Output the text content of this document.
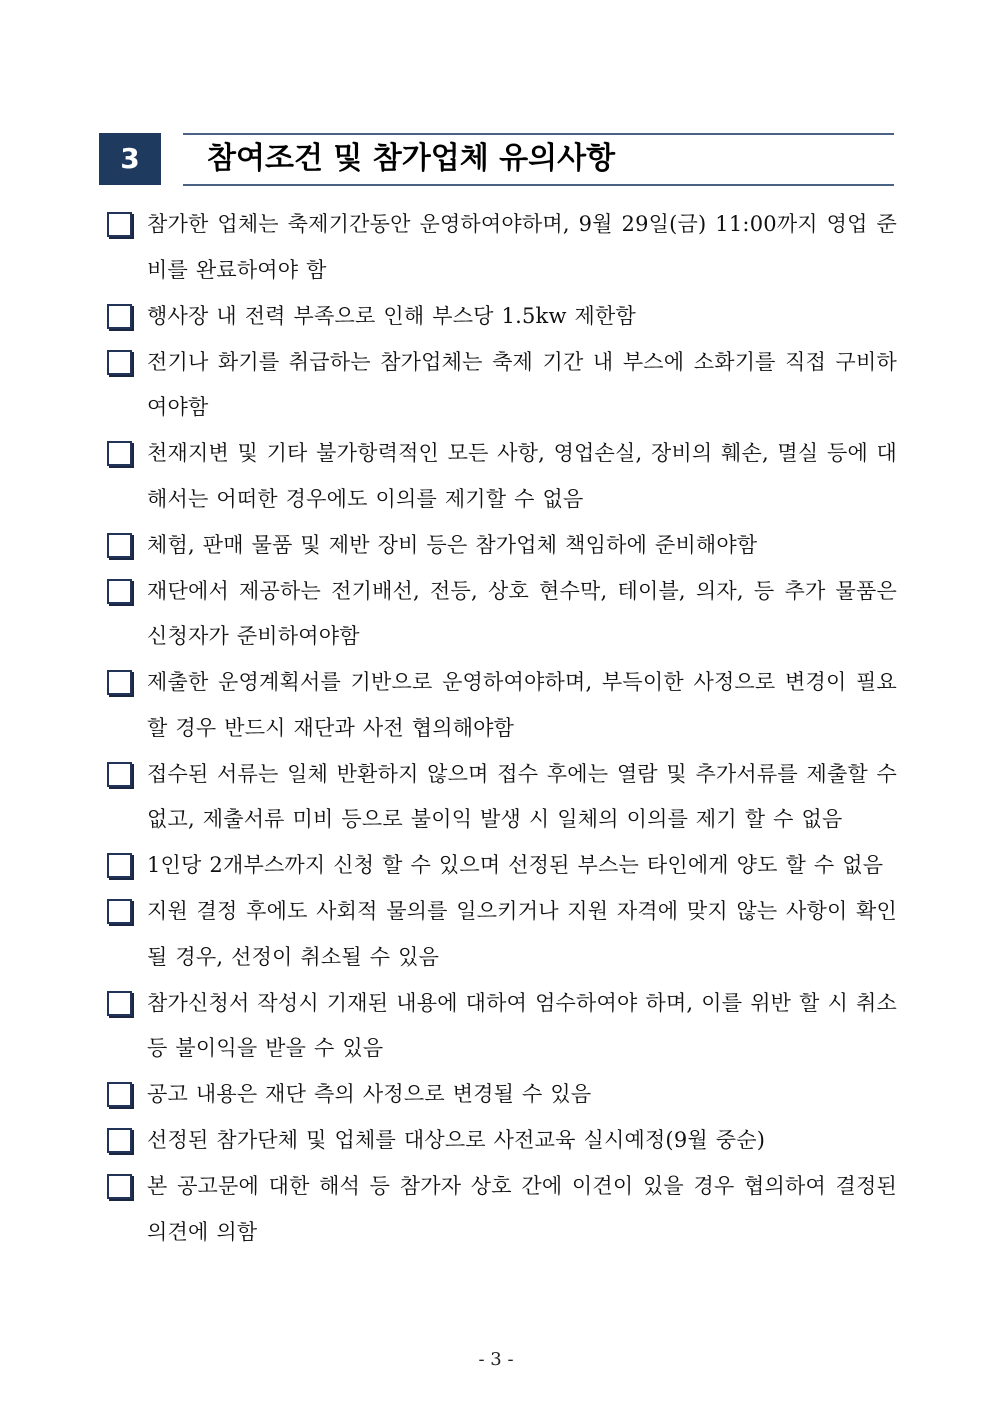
3	참여조건 및 참가업체 유의사항
참가한 업체는 축제기간동안 운영하여야하며, 9월 29일(금) 11:00까지 영업 준비를 완료하여야 함
행사장 내 전력 부족으로 인해 부스당 1.5kw 제한함
전기나 화기를 취급하는 참가업체는 축제 기간 내 부스에 소화기를 직접 구비하여야함
천재지변 및 기타 불가항력적인 모든 사항, 영업손실, 장비의 훼손, 멸실 등에 대해서는 어떠한 경우에도 이의를 제기할 수 없음
체험, 판매 물품 및 제반 장비 등은 참가업체 책임하에 준비해야함
재단에서 제공하는 전기배선, 전등, 상호 현수막, 테이블, 의자, 등 추가 물품은 신청자가 준비하여야함
제출한 운영계획서를 기반으로 운영하여야하며, 부득이한 사정으로 변경이 필요할 경우 반드시 재단과 사전 협의해야함
접수된 서류는 일체 반환하지 않으며 접수 후에는 열람 및 추가서류를 제출할 수 없고, 제출서류 미비 등으로 불이익 발생 시 일체의 이의를 제기 할 수 없음
1인당 2개부스까지 신청 할 수 있으며 선정된 부스는 타인에게 양도 할 수 없음
지원 결정 후에도 사회적 물의를 일으키거나 지원 자격에 맞지 않는 사항이 확인될 경우, 선정이 취소될 수 있음
참가신청서 작성시 기재된 내용에 대하여 엄수하여야 하며, 이를 위반 할 시 취소 등 불이익을 받을 수 있음
공고 내용은 재단 측의 사정으로 변경될 수 있음
선정된 참가단체 및 업체를 대상으로 사전교육 실시예정(9월 중순)
본 공고문에 대한 해석 등 참가자 상호 간에 이견이 있을 경우 협의하여 결정된 의견에 의함
- 3 -
